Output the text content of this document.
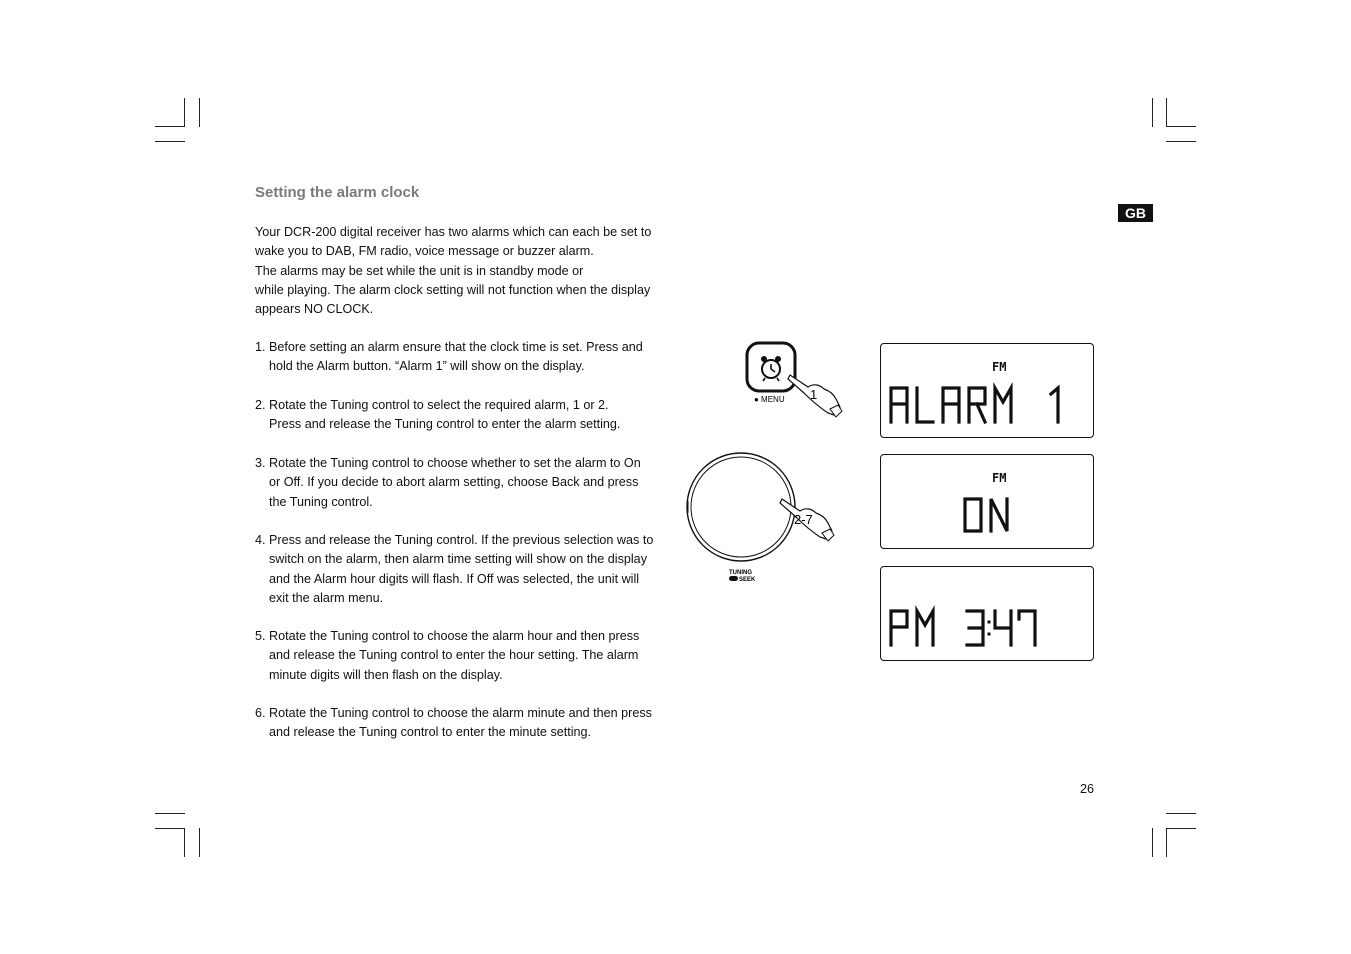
GB
Setting the alarm clock

Your DCR-200 digital receiver has two alarms which can each be set to

wake you to DAB, FM radio, voice message or buzzer alarm.

The alarms may be set while the unit is in standby mode or

while playing. The alarm clock setting will not function when the display

appears NO CLOCK.

1. Before setting an alarm ensure that the clock time is set. Press and
hold the Alarm button. “Alarm 1” will show on the display.
2. Rotate the Tuning control to select the required alarm, 1 or 2.
Press and release the Tuning control to enter the alarm setting.
3. Rotate the Tuning control to choose whether to set the alarm to On
or Off. If you decide to abort alarm setting, choose Back and press
the Tuning control.
4. Press and release the Tuning control. If the previous selection was to
switch on the alarm, then alarm time setting will show on the display
and the Alarm hour digits will flash. If Off was selected, the unit will
exit the alarm menu.
5. Rotate the Tuning control to choose the alarm hour and then press
and release the Tuning control to enter the hour setting. The alarm
minute digits will then flash on the display.
6. Rotate the Tuning control to choose the alarm minute and then press
and release the Tuning control to enter the minute setting.
● MENU 1
2-7
TUNING
SEEK
FM
ALARM 1
FM
ON
PM 3:47
26
